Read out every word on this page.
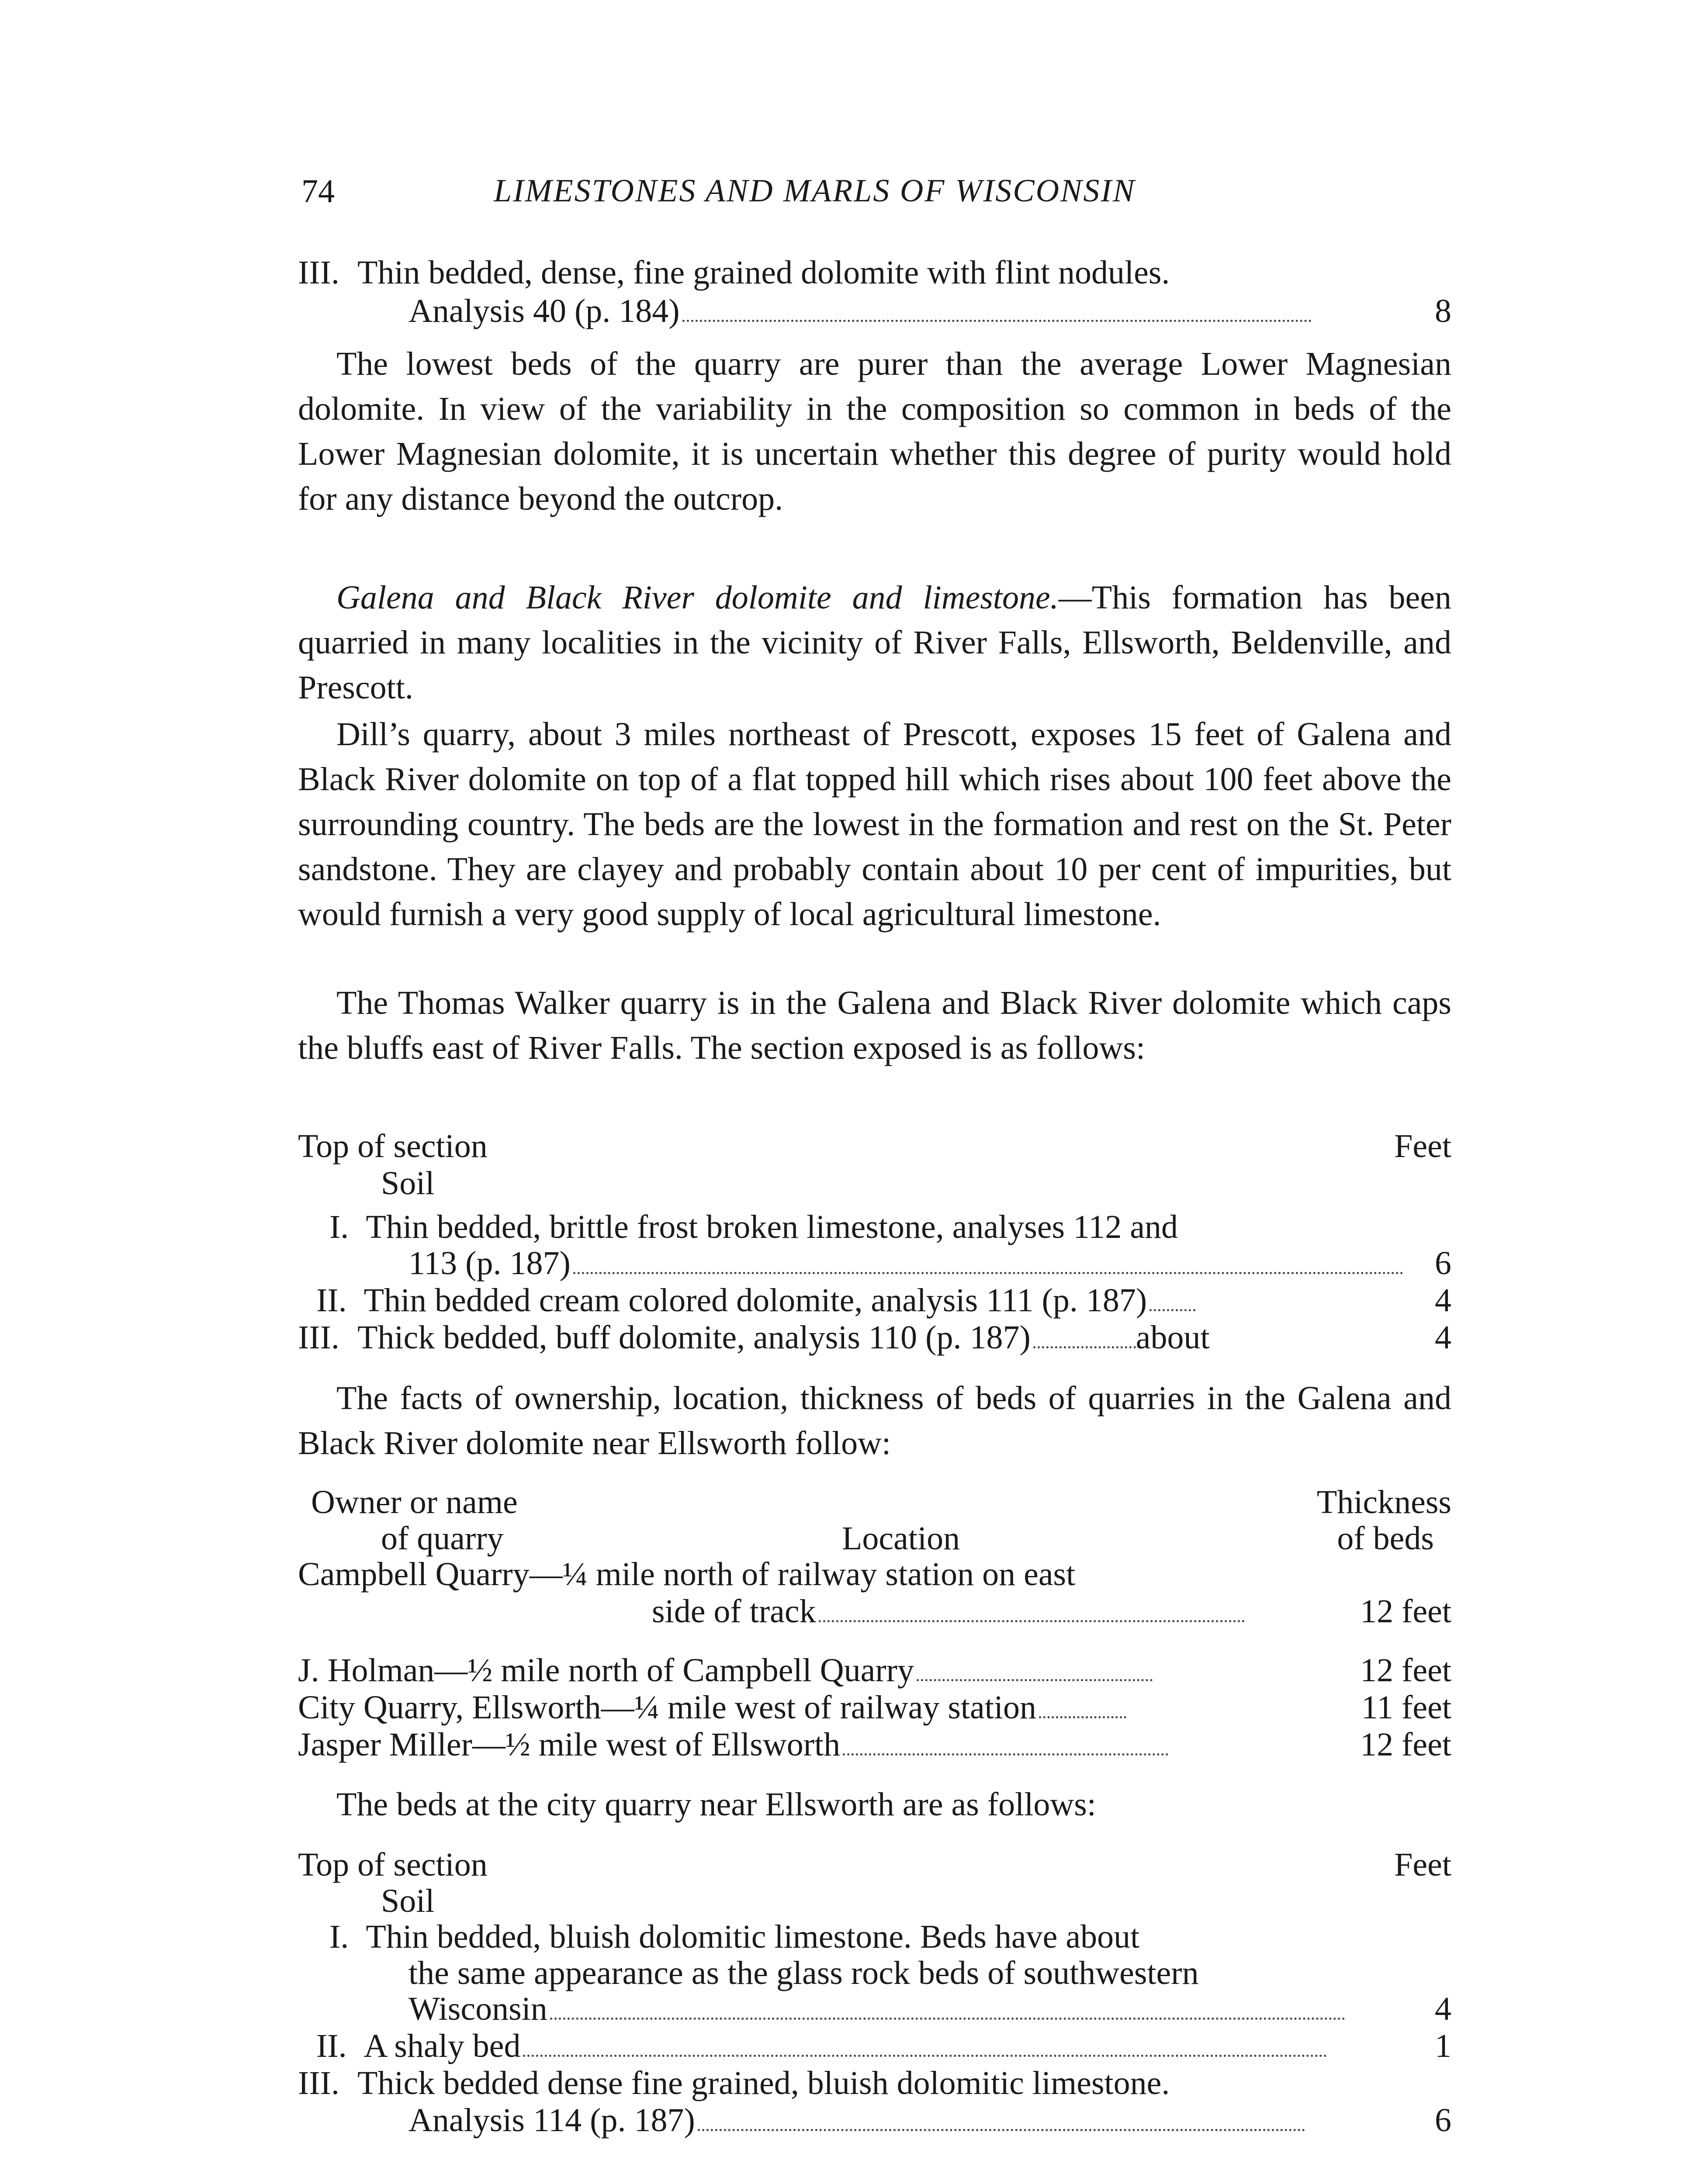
74	LIMESTONES AND MARLS OF WISCONSIN
III. Thin bedded, dense, fine grained dolomite with flint nodules.
Analysis 40 (p. 184)	8
The lowest beds of the quarry are purer than the average Lower Magnesian dolomite. In view of the variability in the composition so common in beds of the Lower Magnesian dolomite, it is uncertain whether this degree of purity would hold for any distance beyond the outcrop.
Galena and Black River dolomite and limestone.—This formation has been quarried in many localities in the vicinity of River Falls, Ellsworth, Beldenville, and Prescott.
Dill’s quarry, about 3 miles northeast of Prescott, exposes 15 feet of Galena and Black River dolomite on top of a flat topped hill which rises about 100 feet above the surrounding country. The beds are the lowest in the formation and rest on the St. Peter sandstone. They are clayey and probably contain about 10 per cent of impurities, but would furnish a very good supply of local agricultural limestone.
The Thomas Walker quarry is in the Galena and Black River dolomite which caps the bluffs east of River Falls. The section exposed is as follows:
Top of section	Feet
Soil
I. Thin bedded, brittle frost broken limestone, analyses 112 and
113 (p. 187)	6
II. Thin bedded cream colored dolomite, analysis 111 (p. 187)	4
III. Thick bedded, buff dolomite, analysis 110 (p. 187)	about	4
The facts of ownership, location, thickness of beds of quarries in the Galena and Black River dolomite near Ellsworth follow:
Owner or name	Thickness
of quarry	Location	of beds
Campbell Quarry—¼ mile north of railway station on east
side of track	12 feet
J. Holman—½ mile north of Campbell Quarry	12 feet
City Quarry, Ellsworth—¼ mile west of railway station	11 feet
Jasper Miller—½ mile west of Ellsworth	12 feet
The beds at the city quarry near Ellsworth are as follows:
Top of section	Feet
Soil
I. Thin bedded, bluish dolomitic limestone. Beds have about
the same appearance as the glass rock beds of southwestern
Wisconsin	4
II. A shaly bed	1
III. Thick bedded dense fine grained, bluish dolomitic limestone.
Analysis 114 (p. 187)	6
